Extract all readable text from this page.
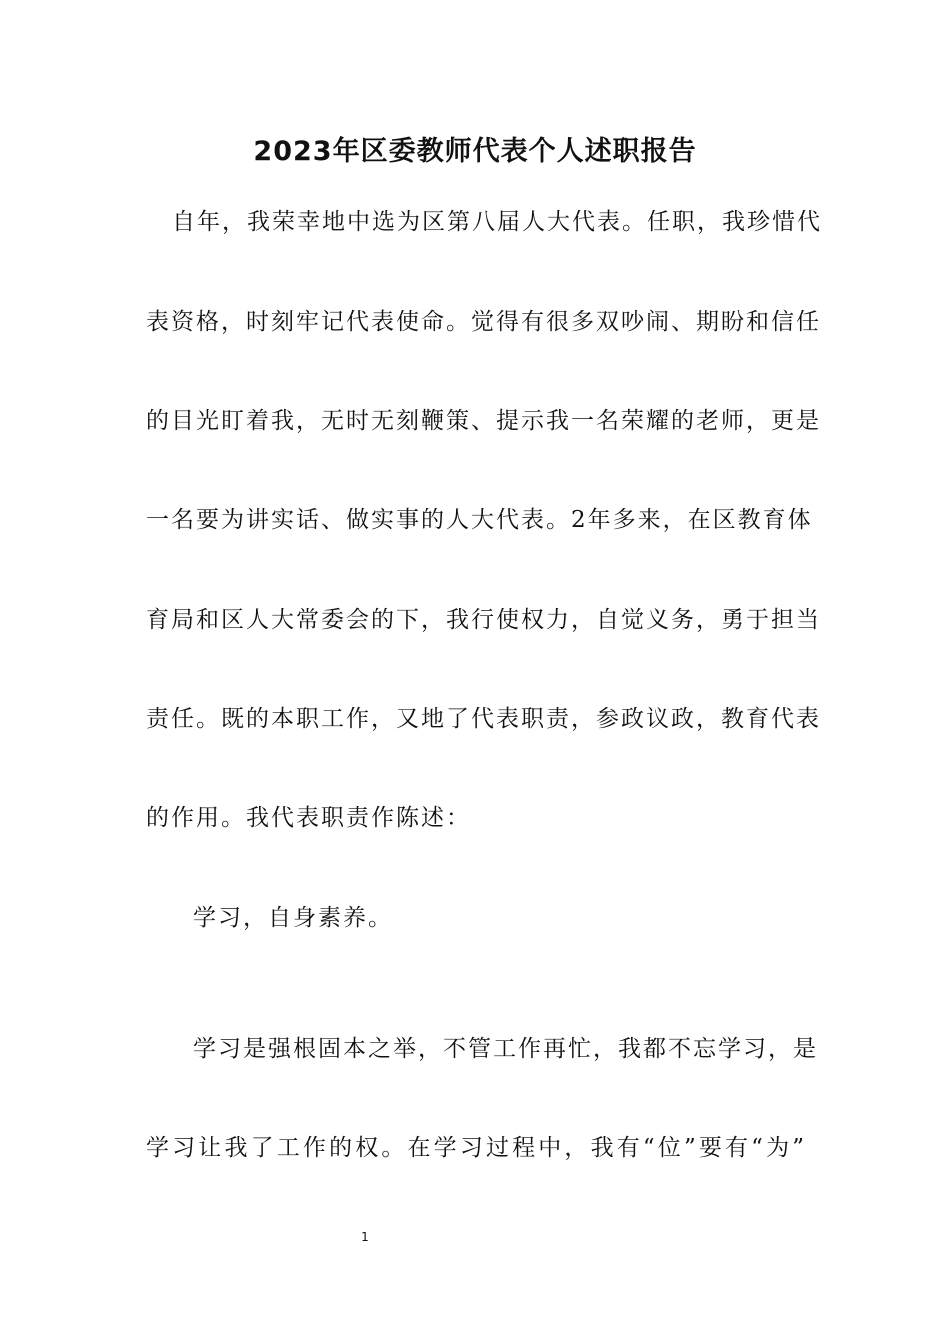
2023年区委教师代表个人述职报告

自年，我荣幸地中选为区第八届人大代表。任职，我珍惜代

表资格，时刻牢记代表使命。觉得有很多双吵闹、期盼和信任

的目光盯着我，无时无刻鞭策、提示我一名荣耀的老师，更是

一名要为讲实话、做实事的人大代表。2年多来，在区教育体

育局和区人大常委会的下，我行使权力，自觉义务，勇于担当

责任。既的本职工作，又地了代表职责，参政议政，教育代表

的作用。我代表职责作陈述：

学习，自身素养。

学习是强根固本之举，不管工作再忙，我都不忘学习，是

学习让我了工作的权。在学习过程中，我有“位”要有“为”

1
